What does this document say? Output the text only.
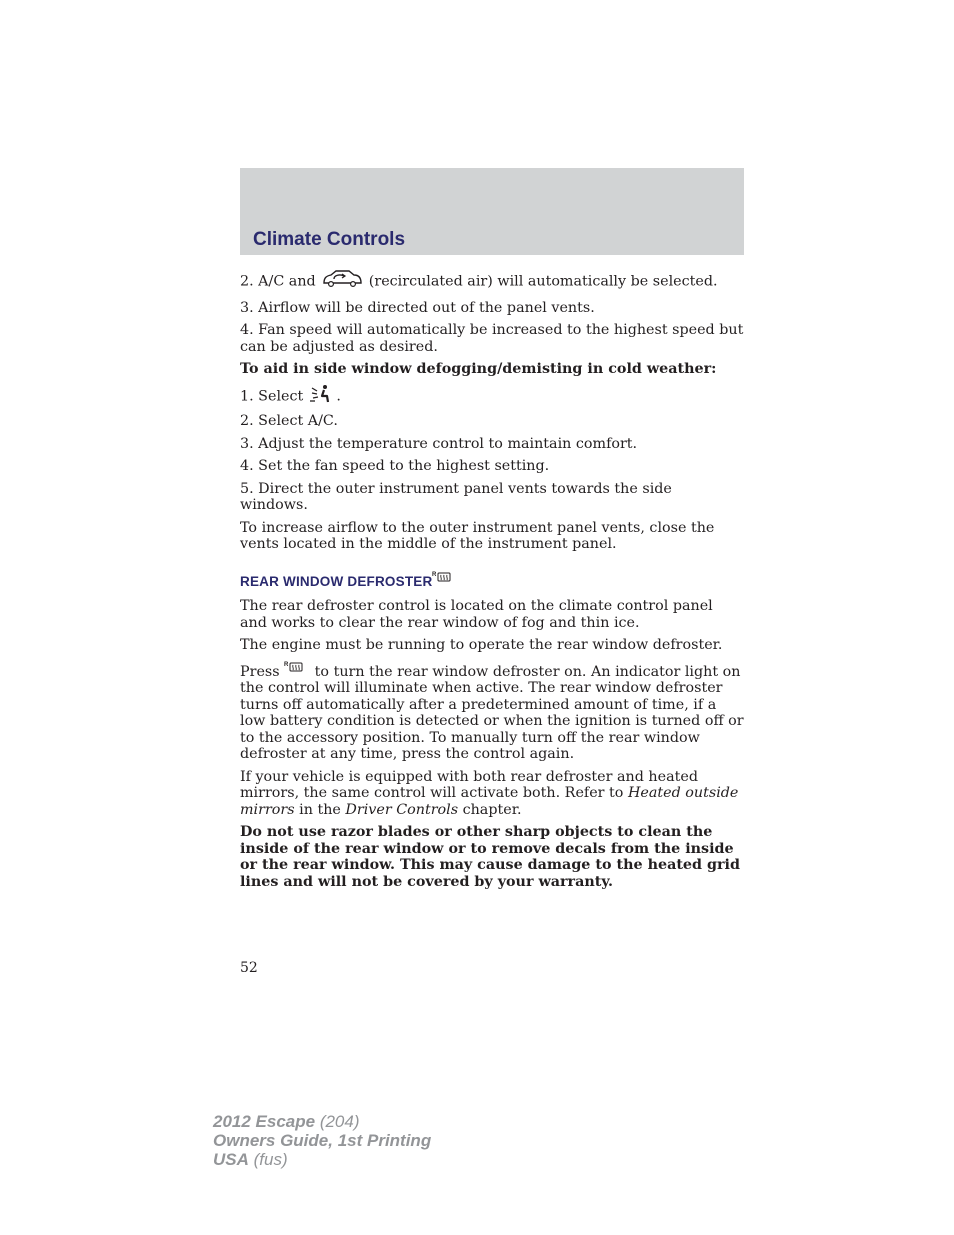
Climate Controls

2. A/C and	(recirculated air) will automatically be selected.

3. Airflow will be directed out of the panel vents.

4. Fan speed will automatically be increased to the highest speed but can be adjusted as desired.

To aid in side window defogging/demisting in cold weather:

1. Select  .

2. Select A/C.

3. Adjust the temperature control to maintain comfort.

4. Set the fan speed to the highest setting.

5. Direct the outer instrument panel vents towards the side windows.

To increase airflow to the outer instrument panel vents, close the vents located in the middle of the instrument panel.

REAR WINDOW DEFROSTER R

The rear defroster control is located on the climate control panel and works to clear the rear window of fog and thin ice.

The engine must be running to operate the rear window defroster.

Press R to turn the rear window defroster on. An indicator light on the control will illuminate when active. The rear window defroster turns off automatically after a predetermined amount of time, if a low battery condition is detected or when the ignition is turned off or to the accessory position. To manually turn off the rear window defroster at any time, press the control again.

If your vehicle is equipped with both rear defroster and heated mirrors, the same control will activate both. Refer to Heated outside mirrors in the Driver Controls chapter.

Do not use razor blades or other sharp objects to clean the inside of the rear window or to remove decals from the inside or the rear window. This may cause damage to the heated grid lines and will not be covered by your warranty.

52
2012 Escape (204)
Owners Guide, 1st Printing
USA (fus)
